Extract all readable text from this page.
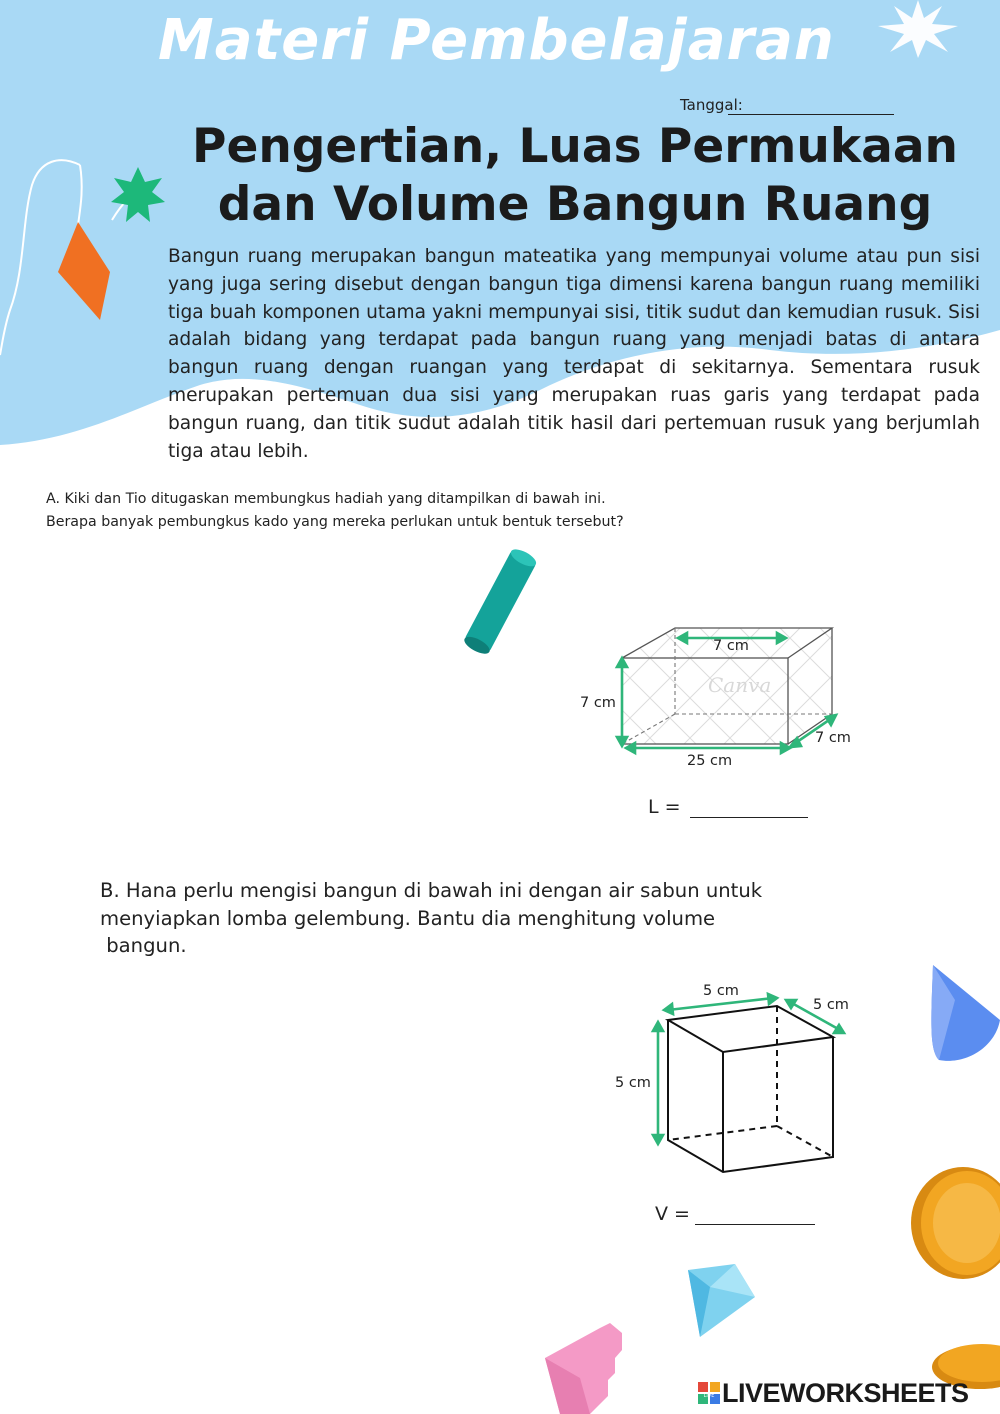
Materi Pembelajaran
Tanggal:
Pengertian, Luas Permukaan
dan Volume Bangun Ruang
Bangun ruang merupakan bangun mateatika yang mempunyai volume atau pun sisi yang juga sering disebut dengan bangun tiga dimensi karena bangun ruang memiliki tiga buah komponen utama yakni mempunyai sisi, titik sudut dan kemudian rusuk. Sisi adalah bidang yang terdapat pada bangun ruang yang menjadi batas di antara bangun ruang dengan ruangan yang terdapat di sekitarnya. Sementara rusuk merupakan pertemuan dua sisi yang merupakan ruas garis yang terdapat pada bangun ruang, dan titik sudut adalah titik hasil dari pertemuan rusuk yang berjumlah tiga atau lebih.
A. Kiki dan Tio ditugaskan membungkus hadiah yang ditampilkan di bawah ini.
Berapa banyak pembungkus kado yang mereka perlukan untuk bentuk tersebut?
Canva
7 cm
7 cm
7 cm
25 cm
L =
B. Hana perlu mengisi bangun di bawah ini dengan air sabun untuk
menyiapkan lomba gelembung. Bantu dia menghitung volume
bangun.
5 cm
5 cm
5 cm
V =
LIVE LIVEWORKSHEETS
